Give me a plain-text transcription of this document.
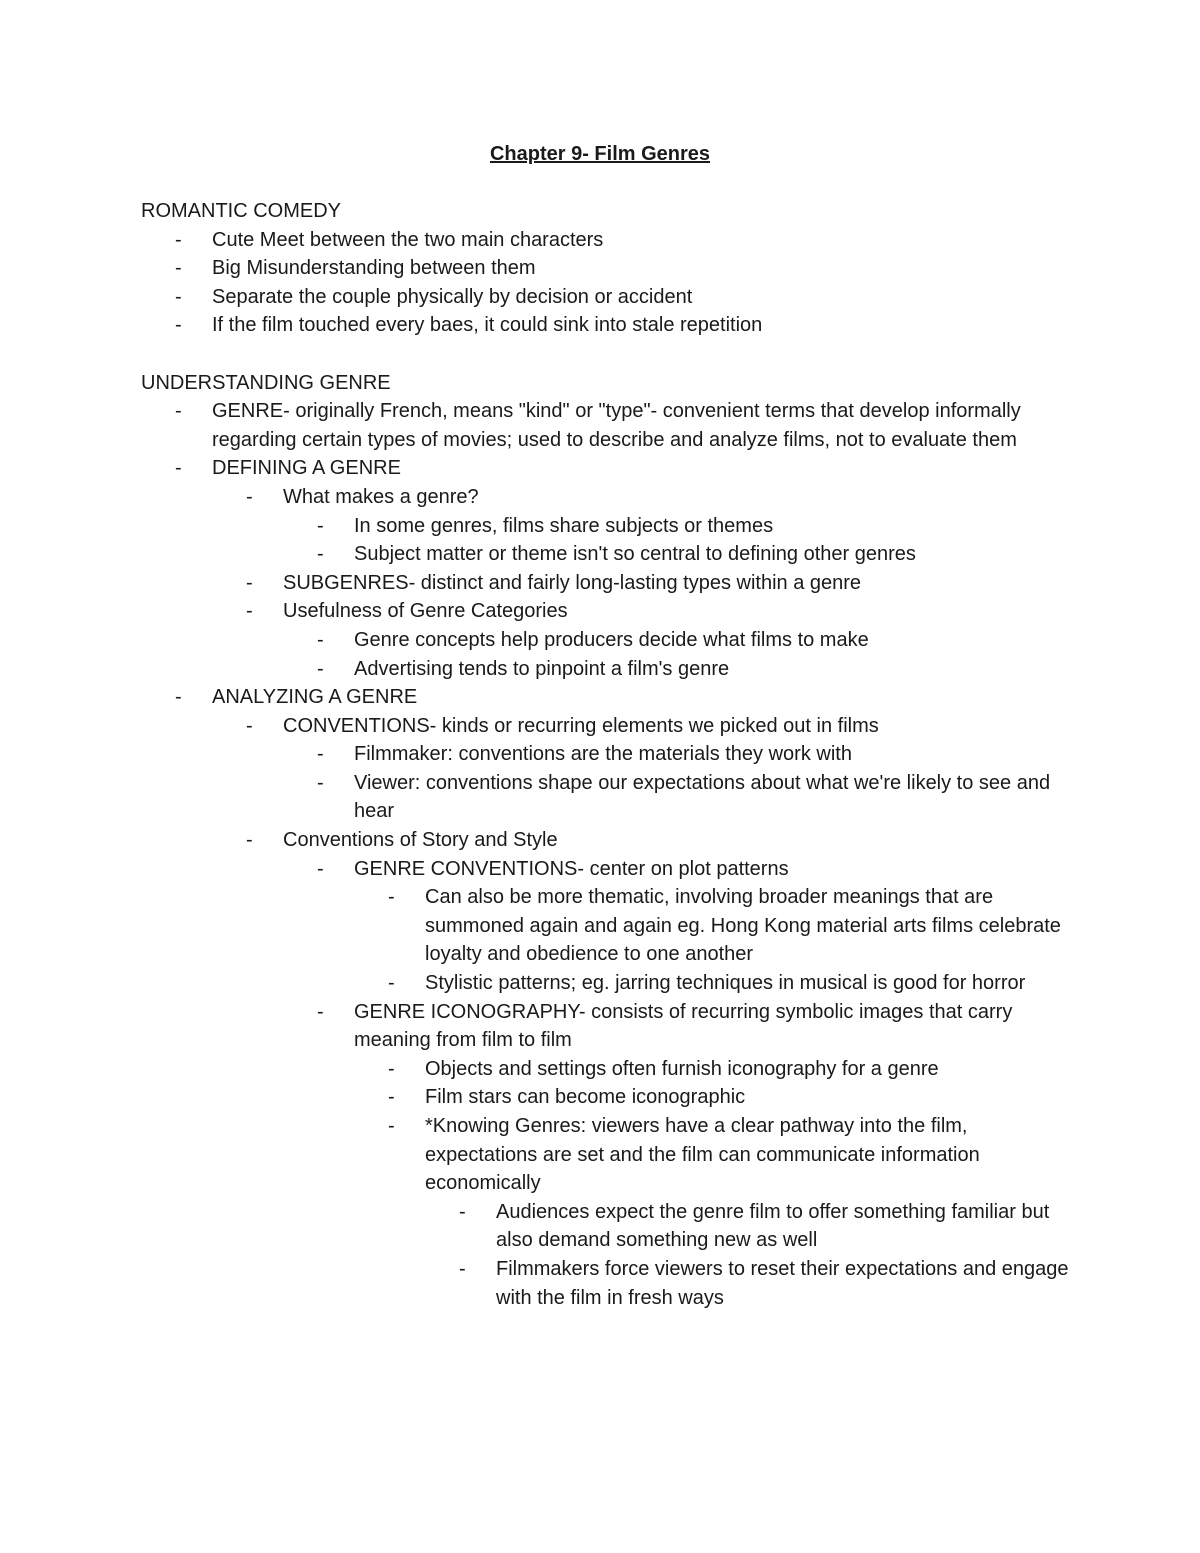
Chapter 9- Film Genres
ROMANTIC COMEDY
- Cute Meet between the two main characters
- Big Misunderstanding between them
- Separate the couple physically by decision or accident
- If the film touched every baes, it could sink into stale repetition
UNDERSTANDING GENRE
- GENRE- originally French, means "kind" or "type"- convenient terms that develop informally regarding certain types of movies; used to describe and analyze films, not to evaluate them
- DEFINING A GENRE
- What makes a genre?
- In some genres, films share subjects or themes
- Subject matter or theme isn't so central to defining other genres
- SUBGENRES- distinct and fairly long-lasting types within a genre
- Usefulness of Genre Categories
- Genre concepts help producers decide what films to make
- Advertising tends to pinpoint a film's genre
- ANALYZING A GENRE
- CONVENTIONS- kinds or recurring elements we picked out in films
- Filmmaker: conventions are the materials they work with
- Viewer: conventions shape our expectations about what we're likely to see and hear
- Conventions of Story and Style
- GENRE CONVENTIONS- center on plot patterns
- Can also be more thematic, involving broader meanings that are summoned again and again eg. Hong Kong material arts films celebrate loyalty and obedience to one another
- Stylistic patterns; eg. jarring techniques in musical is good for horror
- GENRE ICONOGRAPHY- consists of recurring symbolic images that carry meaning from film to film
- Objects and settings often furnish iconography for a genre
- Film stars can become iconographic
- *Knowing Genres: viewers have a clear pathway into the film, expectations are set and the film can communicate information economically
- Audiences expect the genre film to offer something familiar but also demand something new as well
- Filmmakers force viewers to reset their expectations and engage with the film in fresh ways
